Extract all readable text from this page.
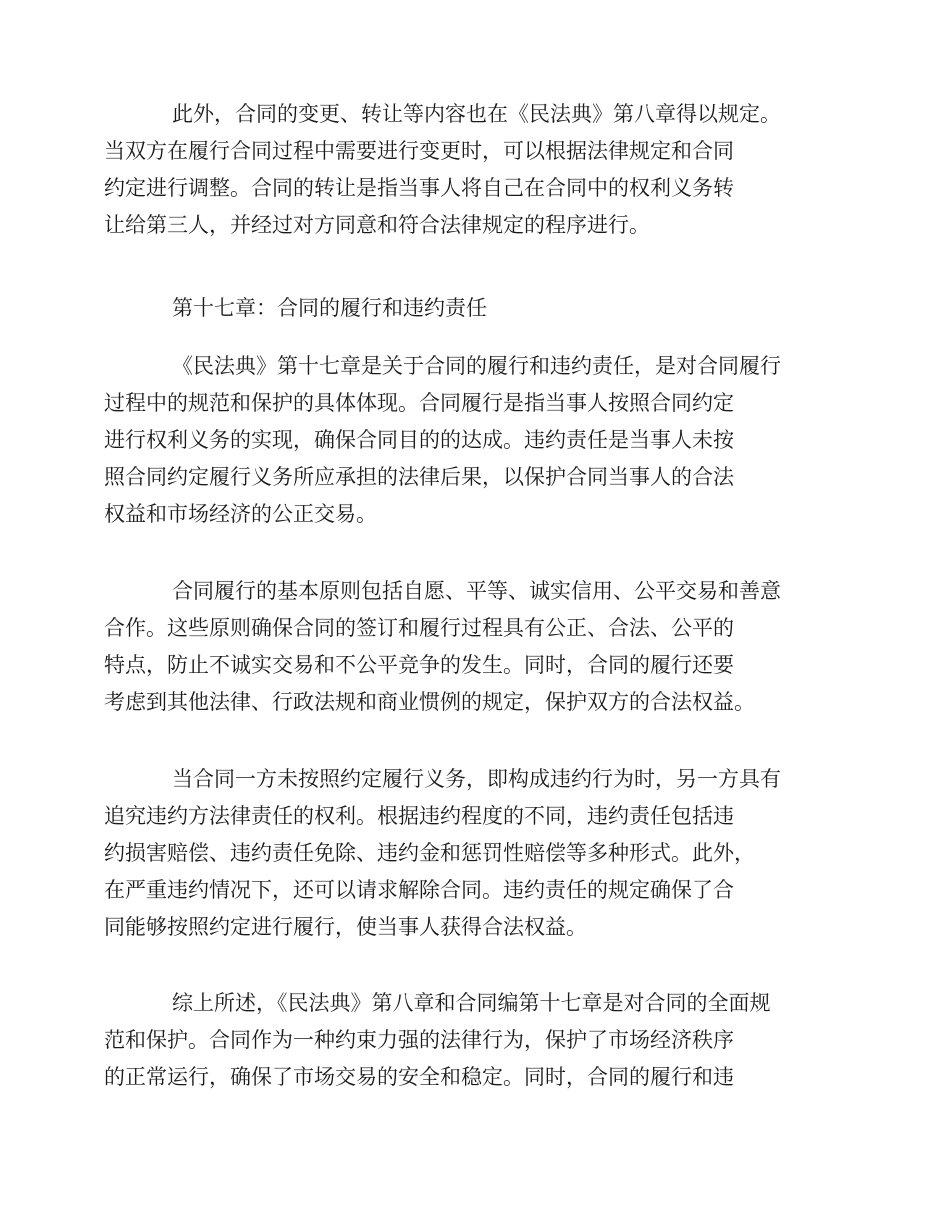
此外，合同的变更、转让等内容也在《民法典》第八章得以规定。
当双方在履行合同过程中需要进行变更时，可以根据法律规定和合同
约定进行调整。合同的转让是指当事人将自己在合同中的权利义务转
让给第三人，并经过对方同意和符合法律规定的程序进行。

第十七章：合同的履行和违约责任

《民法典》第十七章是关于合同的履行和违约责任，是对合同履行
过程中的规范和保护的具体体现。合同履行是指当事人按照合同约定
进行权利义务的实现，确保合同目的的达成。违约责任是当事人未按
照合同约定履行义务所应承担的法律后果，以保护合同当事人的合法
权益和市场经济的公正交易。

合同履行的基本原则包括自愿、平等、诚实信用、公平交易和善意
合作。这些原则确保合同的签订和履行过程具有公正、合法、公平的
特点，防止不诚实交易和不公平竞争的发生。同时，合同的履行还要
考虑到其他法律、行政法规和商业惯例的规定，保护双方的合法权益。

当合同一方未按照约定履行义务，即构成违约行为时，另一方具有
追究违约方法律责任的权利。根据违约程度的不同，违约责任包括违
约损害赔偿、违约责任免除、违约金和惩罚性赔偿等多种形式。此外，
在严重违约情况下，还可以请求解除合同。违约责任的规定确保了合
同能够按照约定进行履行，使当事人获得合法权益。

综上所述，《民法典》第八章和合同编第十七章是对合同的全面规
范和保护。合同作为一种约束力强的法律行为，保护了市场经济秩序
的正常运行，确保了市场交易的安全和稳定。同时，合同的履行和违
